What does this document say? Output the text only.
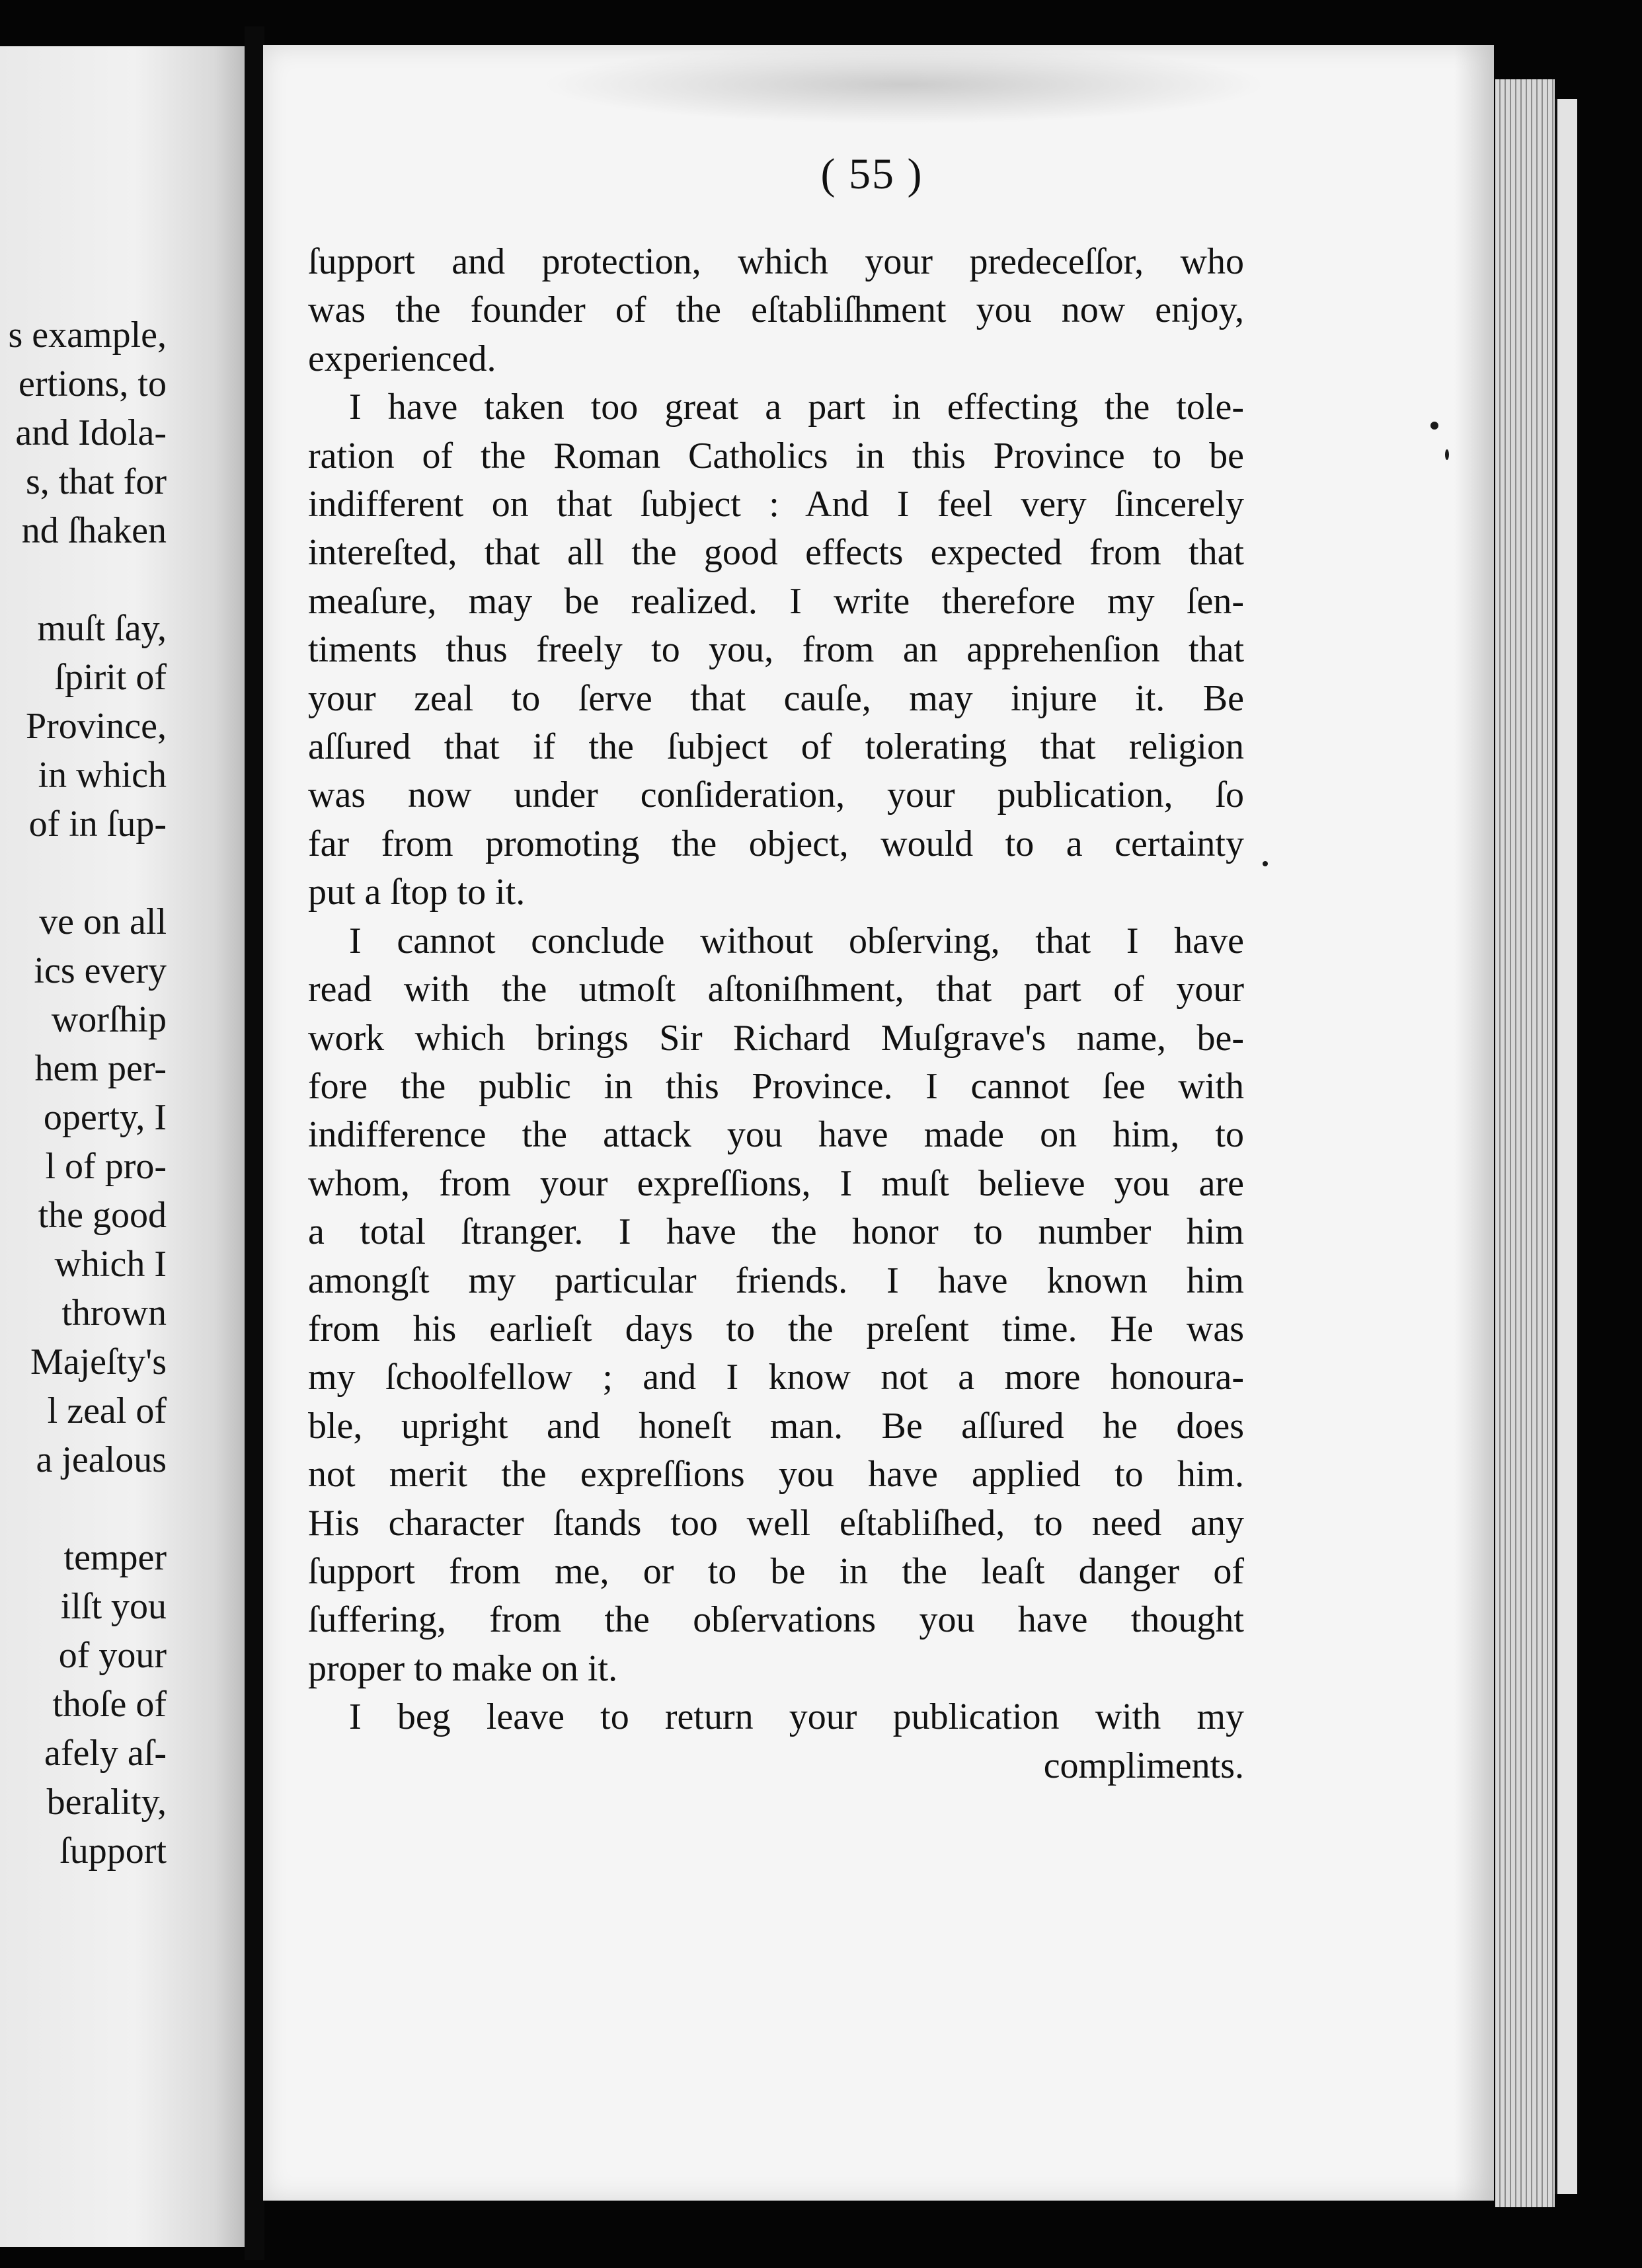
s example,
ertions, to
and Idola-
s, that for
nd ſhaken

muſt ſay,
ſpirit of
Province,
in which
of in ſup-

ve on all
ics every
worſhip
hem per-
operty, I
l of pro-
the good
which I
thrown
Majeſty's
l zeal of
a jealous

temper
ilſt you
of your
thoſe of
afely aſ-
berality,
ſupport
( 55 )
ſupport and protection, which your predeceſſor, who
was the founder of the eſtabliſhment you now enjoy,
experienced.
I have taken too great a part in effecting the tole-
ration of the Roman Catholics in this Province to be
indifferent on that ſubject : And I feel very ſincerely
intereſted, that all the good effects expected from that
meaſure, may be realized. I write therefore my ſen-
timents thus freely to you, from an apprehenſion that
your zeal to ſerve that cauſe, may injure it. Be
aſſured that if the ſubject of tolerating that religion
was now under conſideration, your publication, ſo
far from promoting the object, would to a certainty
put a ſtop to it.
I cannot conclude without obſerving, that I have
read with the utmoſt aſtoniſhment, that part of your
work which brings Sir Richard Muſgrave's name, be-
fore the public in this Province. I cannot ſee with
indifference the attack you have made on him, to
whom, from your expreſſions, I muſt believe you are
a total ſtranger. I have the honor to number him
amongſt my particular friends. I have known him
from his earlieſt days to the preſent time. He was
my ſchoolfellow ; and I know not a more honoura-
ble, upright and honeſt man. Be aſſured he does
not merit the expreſſions you have applied to him.
His character ſtands too well eſtabliſhed, to need any
ſupport from me, or to be in the leaſt danger of
ſuffering, from the obſervations you have thought
proper to make on it.
I beg leave to return your publication with my
compliments.
